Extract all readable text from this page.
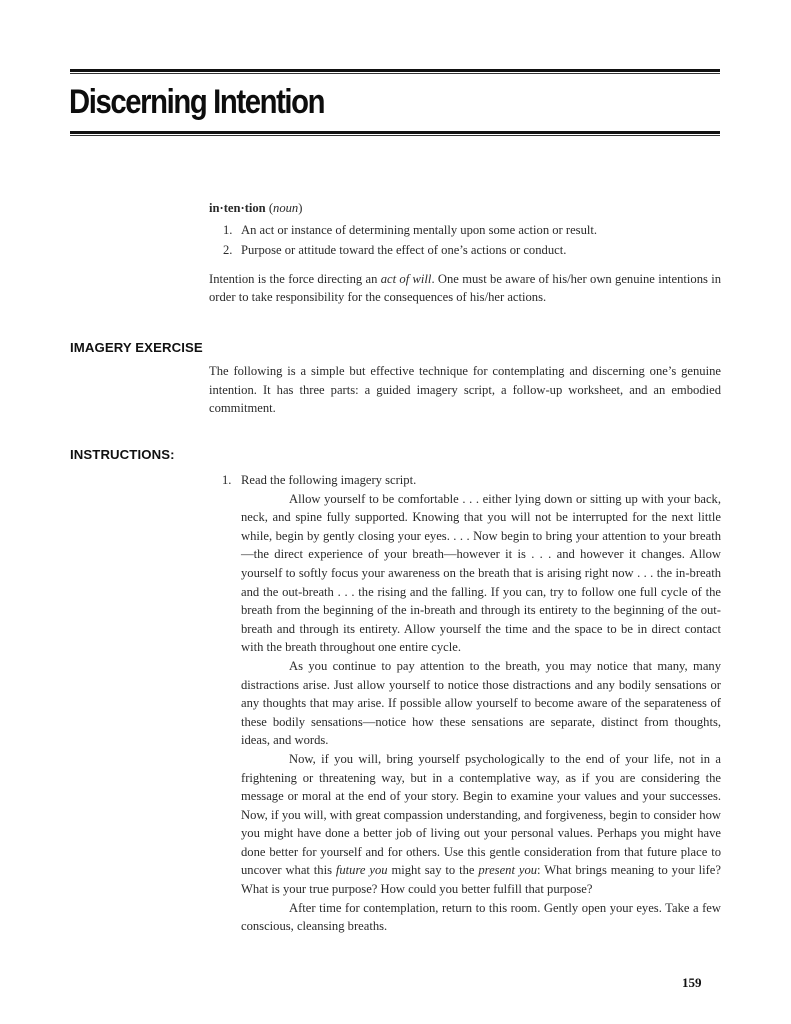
Discerning Intention
in·ten·tion (noun)
1. An act or instance of determining mentally upon some action or result.
2. Purpose or attitude toward the effect of one’s actions or conduct.

Intention is the force directing an act of will. One must be aware of his/her own genuine intentions in order to take responsibility for the consequences of his/her actions.

IMAGERY EXERCISE

The following is a simple but effective technique for contemplating and discerning one’s genuine intention. It has three parts: a guided imagery script, a follow-up worksheet, and an embodied commitment.

INSTRUCTIONS:
1. Read the following imagery script.

Allow yourself to be comfortable . . . either lying down or sitting up with your back, neck, and spine fully supported. Knowing that you will not be interrupted for the next little while, begin by gently closing your eyes. . . . Now begin to bring your attention to your breath—the direct experience of your breath—however it is . . . and however it changes. Allow yourself to softly focus your awareness on the breath that is arising right now . . . the in-breath and the out-breath . . . the rising and the falling. If you can, try to follow one full cycle of the breath from the beginning of the in-breath and through its entirety to the beginning of the out-breath and through its entirety. Allow yourself the time and the space to be in direct contact with the breath throughout one entire cycle.

As you continue to pay attention to the breath, you may notice that many, many distractions arise. Just allow yourself to notice those distractions and any bodily sensations or any thoughts that may arise. If possible allow yourself to become aware of the separateness of these bodily sensations—notice how these sensations are separate, distinct from thoughts, ideas, and words.

Now, if you will, bring yourself psychologically to the end of your life, not in a frightening or threatening way, but in a contemplative way, as if you are considering the message or moral at the end of your story. Begin to examine your values and your successes. Now, if you will, with great compassion understanding, and forgiveness, begin to consider how you might have done a better job of living out your personal values. Perhaps you might have done better for yourself and for others. Use this gentle consideration from that future place to uncover what this future you might say to the present you: What brings meaning to your life? What is your true purpose? How could you better fulfill that purpose?

After time for contemplation, return to this room. Gently open your eyes. Take a few conscious, cleansing breaths.

159
